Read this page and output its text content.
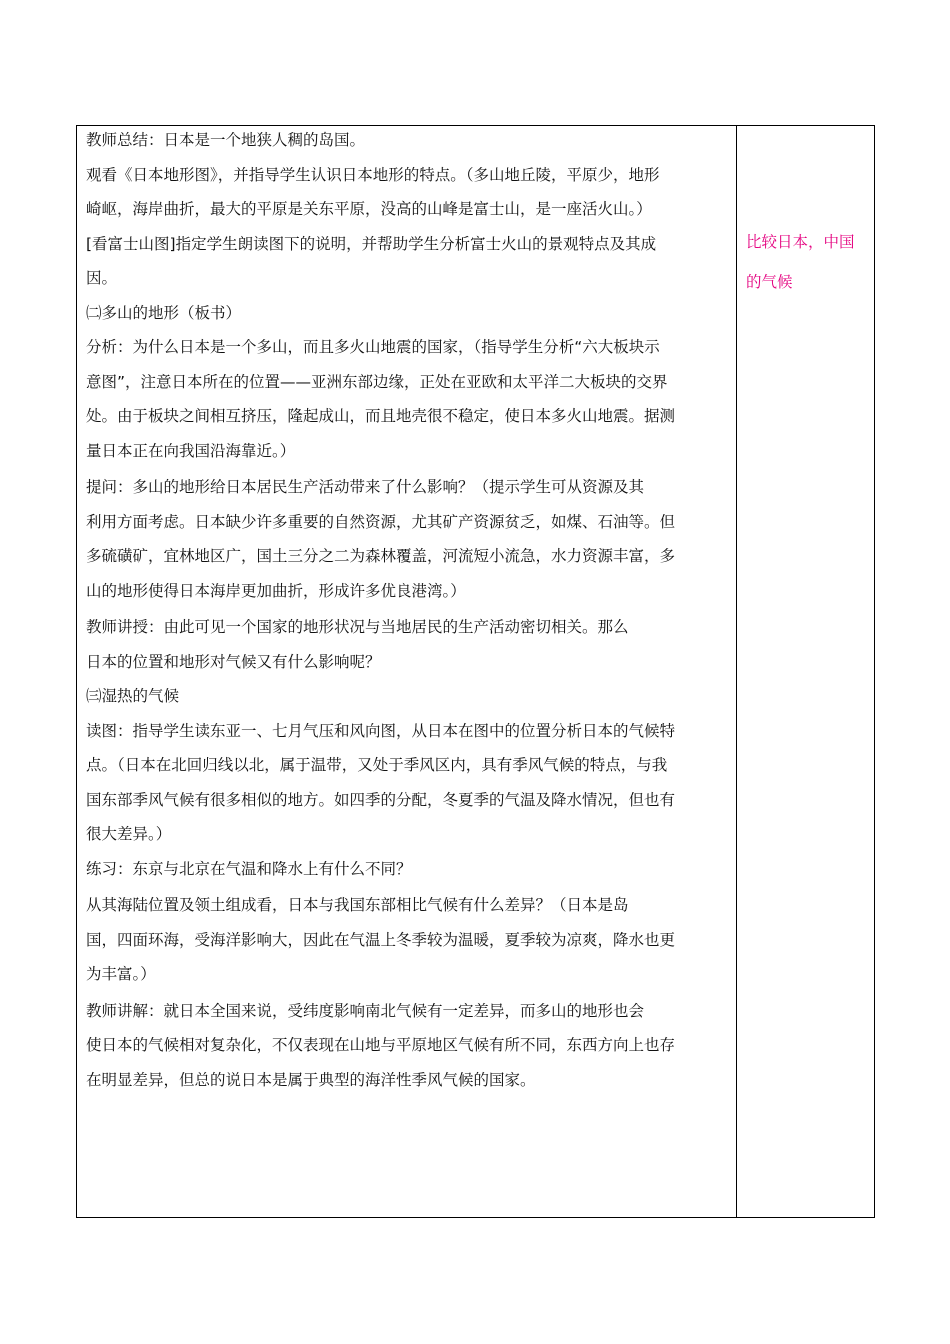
教师总结：日本是一个地狭人稠的岛国。

观看《日本地形图》，并指导学生认识日本地形的特点。（多山地丘陵，平原少，地形

崎岖，海岸曲折，最大的平原是关东平原，没高的山峰是富士山，是一座活火山。）

[看富士山图]指定学生朗读图下的说明，并帮助学生分析富士火山的景观特点及其成

因。

㈡多山的地形（板书）

分析：为什么日本是一个多山，而且多火山地震的国家，（指导学生分析“六大板块示

意图”，注意日本所在的位置——亚洲东部边缘，正处在亚欧和太平洋二大板块的交界

处。由于板块之间相互挤压，隆起成山，而且地壳很不稳定，使日本多火山地震。据测

量日本正在向我国沿海靠近。）

提问：多山的地形给日本居民生产活动带来了什么影响？（提示学生可从资源及其

利用方面考虑。日本缺少许多重要的自然资源，尤其矿产资源贫乏，如煤、石油等。但

多硫磺矿，宜林地区广，国土三分之二为森林覆盖，河流短小流急，水力资源丰富，多

山的地形使得日本海岸更加曲折，形成许多优良港湾。）

教师讲授：由此可见一个国家的地形状况与当地居民的生产活动密切相关。那么

日本的位置和地形对气候又有什么影响呢？

㈢湿热的气候

读图：指导学生读东亚一、七月气压和风向图，从日本在图中的位置分析日本的气候特

点。（日本在北回归线以北，属于温带，又处于季风区内，具有季风气候的特点，与我

国东部季风气候有很多相似的地方。如四季的分配，冬夏季的气温及降水情况，但也有

很大差异。）

练习：东京与北京在气温和降水上有什么不同？

从其海陆位置及领土组成看，日本与我国东部相比气候有什么差异？（日本是岛

国，四面环海，受海洋影响大，因此在气温上冬季较为温暖，夏季较为凉爽，降水也更

为丰富。）

教师讲解：就日本全国来说，受纬度影响南北气候有一定差异，而多山的地形也会

使日本的气候相对复杂化，不仅表现在山地与平原地区气候有所不同，东西方向上也存

在明显差异，但总的说日本是属于典型的海洋性季风气候的国家。

比较日本，中国

的气候
